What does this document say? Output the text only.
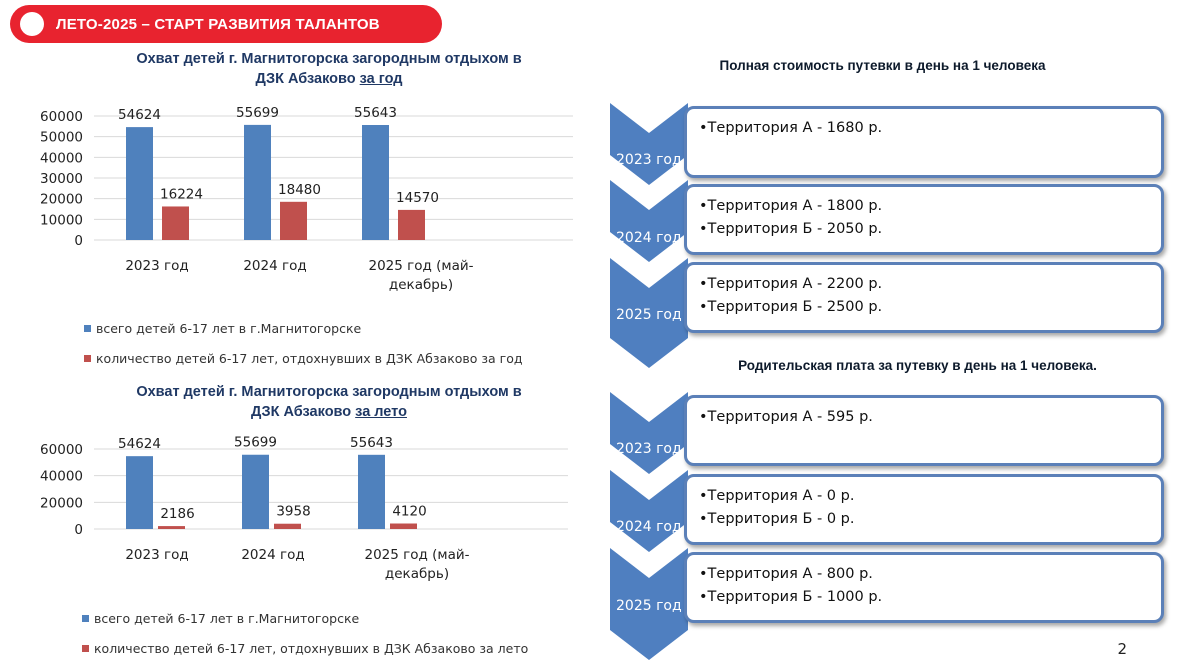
ЛЕТО-2025 – СТАРТ РАЗВИТИЯ ТАЛАНТОВ
Охват детей г. Магнитогорска загородным отдыхом в
ДЗК Абзаково за год
0
10000
20000
30000
40000
50000
60000	54624
16224
2023 год
55699
18480
2024 год
55643
14570
2025 год (май-
декабрь)
всего детей 6-17 лет в г.Магнитогорске
количество детей 6-17 лет, отдохнувших в ДЗК Абзаково за год
Охват детей г. Магнитогорска загородным отдыхом в
ДЗК Абзаково за лето
0
20000
40000
60000	54624
2186
2023 год
55699
3958
2024 год
55643
4120
2025 год (май-
декабрь)
всего детей 6-17 лет в г.Магнитогорске
количество детей 6-17 лет, отдохнувших в ДЗК Абзаково за лето
Полная стоимость путевки в день на 1 человека
2023 год
•Территория А - 1680 р.
2024 год
•Территория А - 1800 р.
•Территория Б - 2050 р.
2025 год
•Территория А - 2200 р.
•Территория Б - 2500 р.
Родительская плата за путевку в день на 1 человека.
2023 год
•Территория А - 595 р.
2024 год
•Территория А - 0 р.
•Территория Б - 0 р.
2025 год
•Территория А - 800 р.
•Территория Б - 1000 р.
2
